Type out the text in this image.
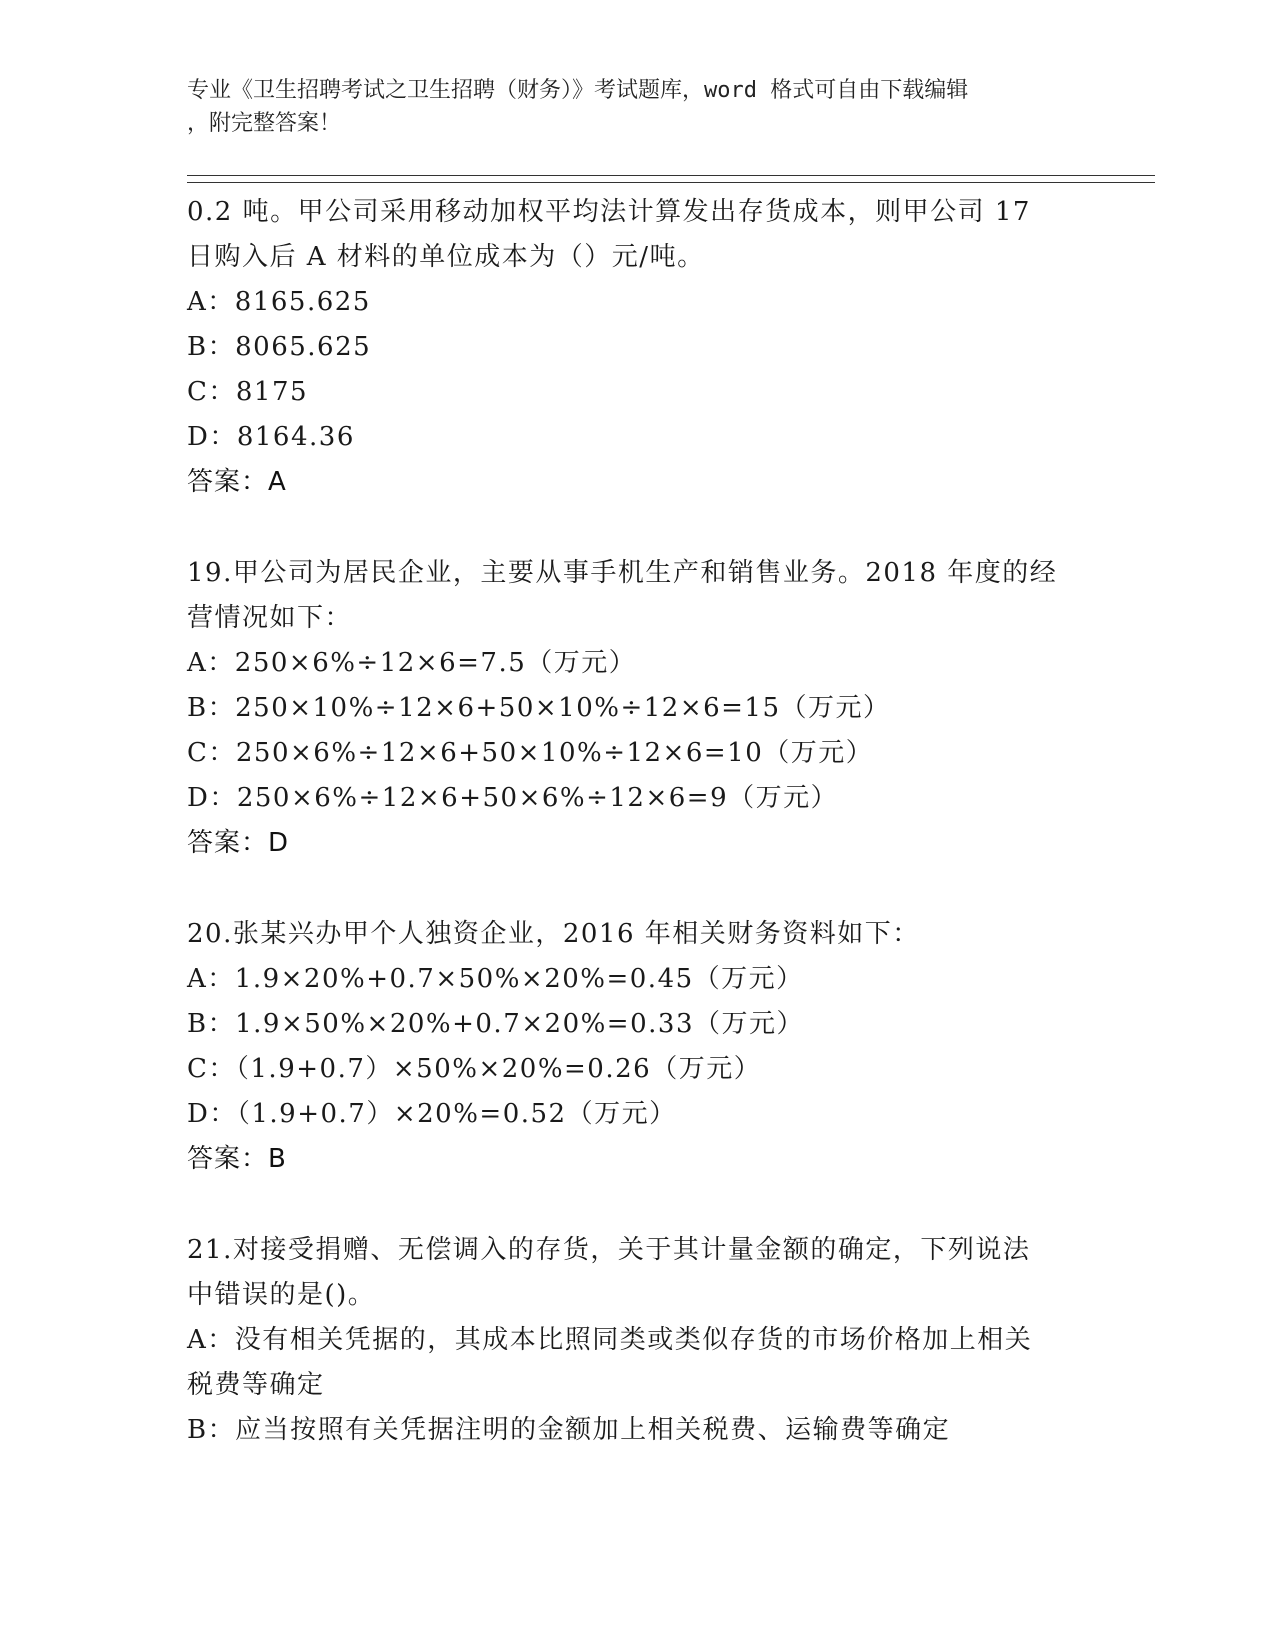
专业《卫生招聘考试之卫生招聘（财务）》考试题库，word 格式可自由下载编辑
，附完整答案！
0.2 吨。甲公司采用移动加权平均法计算发出存货成本，则甲公司 17
日购入后 A 材料的单位成本为（）元/吨。
A：8165.625
B：8065.625
C：8175
D：8164.36
答案：A
19.甲公司为居民企业，主要从事手机生产和销售业务。2018 年度的经
营情况如下：
A：250×6%÷12×6=7.5（万元）
B：250×10%÷12×6+50×10%÷12×6=15（万元）
C：250×6%÷12×6+50×10%÷12×6=10（万元）
D：250×6%÷12×6+50×6%÷12×6=9（万元）
答案：D
20.张某兴办甲个人独资企业，2016 年相关财务资料如下：
A：1.9×20%+0.7×50%×20%=0.45（万元）
B：1.9×50%×20%+0.7×20%=0.33（万元）
C：（1.9+0.7）×50%×20%=0.26（万元）
D：（1.9+0.7）×20%=0.52（万元）
答案：B
21.对接受捐赠、无偿调入的存货，关于其计量金额的确定，下列说法
中错误的是()。
A：没有相关凭据的，其成本比照同类或类似存货的市场价格加上相关
税费等确定
B：应当按照有关凭据注明的金额加上相关税费、运输费等确定
